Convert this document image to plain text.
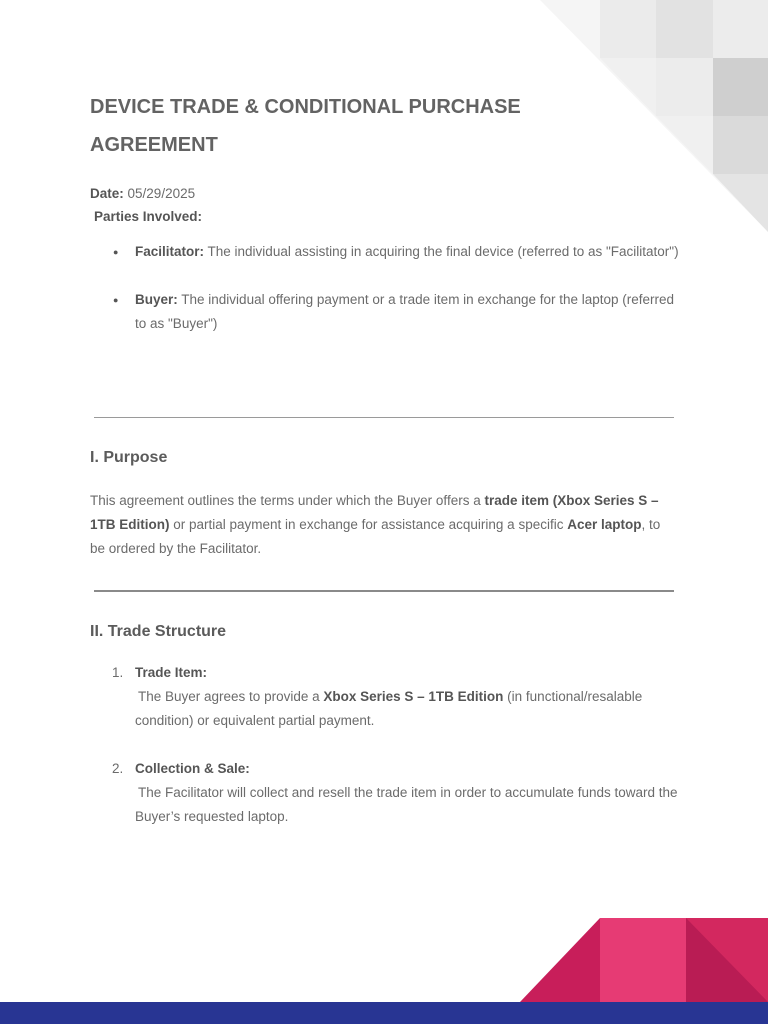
DEVICE TRADE & CONDITIONAL PURCHASE AGREEMENT
Date: 05/29/2025
Parties Involved:
● Facilitator: The individual assisting in acquiring the final device (referred to as "Facilitator")
● Buyer: The individual offering payment or a trade item in exchange for the laptop (referred to as "Buyer")
I. Purpose

This agreement outlines the terms under which the Buyer offers a trade item (Xbox Series S – 1TB Edition) or partial payment in exchange for assistance acquiring a specific Acer laptop, to be ordered by the Facilitator.

II. Trade Structure
1. Trade Item:
The Buyer agrees to provide a Xbox Series S – 1TB Edition (in functional/resalable condition) or equivalent partial payment.
2. Collection & Sale:
The Facilitator will collect and resell the trade item in order to accumulate funds toward the Buyer’s requested laptop.
